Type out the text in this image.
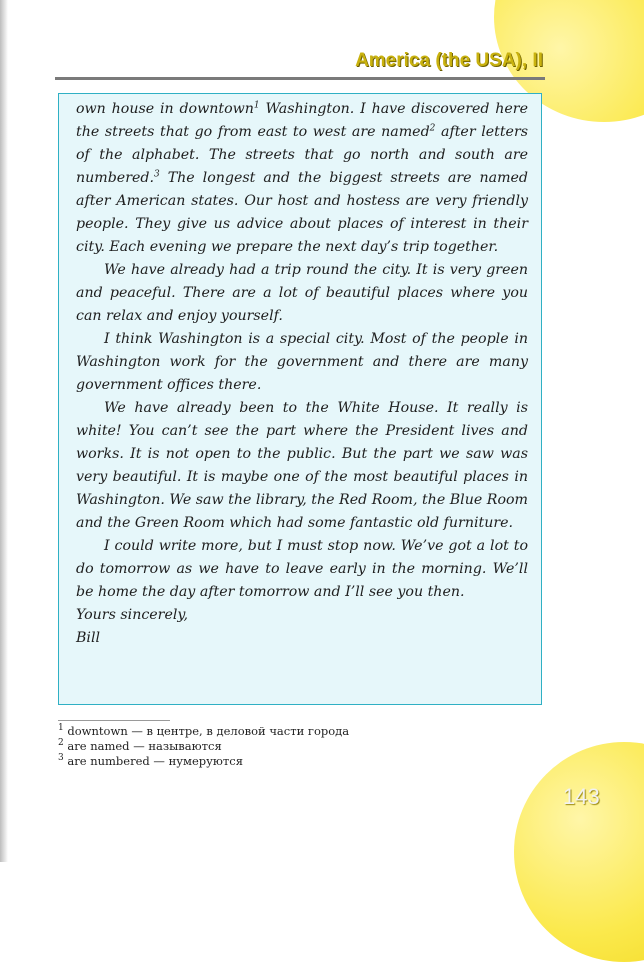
America (the USA), II

own house in downtown$^1$ Washington. I have discovered here the streets that go from east to west are named$^2$ after letters of the alphabet. The streets that go north and south are numbered.$^3$ The longest and the biggest streets are named after American states. Our host and hostess are very friendly people. They give us advice about places of interest in their city. Each evening we prepare the next day’s trip together.

We have already had a trip round the city. It is very green and peaceful. There are a lot of beautiful places where you can relax and enjoy yourself.

I think Washington is a special city. Most of the people in Washington work for the government and there are many government offices there.

We have already been to the White House. It really is white! You can’t see the part where the President lives and works. It is not open to the public. But the part we saw was very beautiful. It is maybe one of the most beautiful places in Washington. We saw the library, the Red Room, the Blue Room and the Green Room which had some fantastic old furniture.

I could write more, but I must stop now. We’ve got a lot to do tomorrow as we have to leave early in the morning. We’ll be home the day after tomorrow and I’ll see you then.

Yours sincerely,

Bill

$^1$ downtown — в центре, в деловой части города
$^2$ are named — называются
$^3$ are numbered — нумеруются
143
